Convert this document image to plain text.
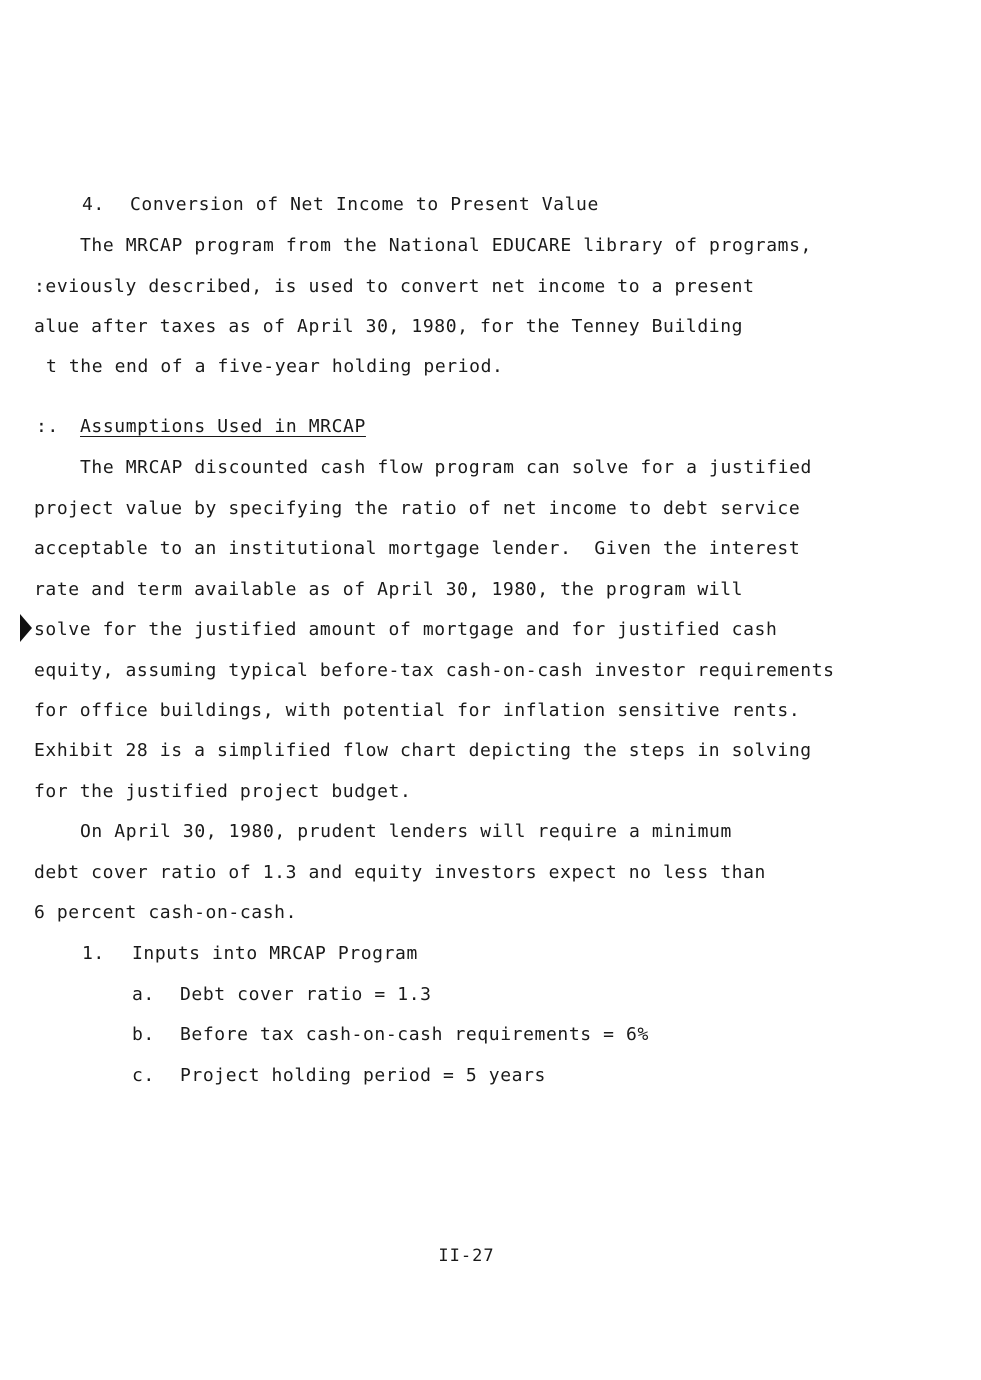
4. Conversion of Net Income to Present Value
The MRCAP program from the National EDUCARE library of programs,
:eviously described, is used to convert net income to a present
alue after taxes as of April 30, 1980, for the Tenney Building
t the end of a five-year holding period.
:. Assumptions Used in MRCAP
The MRCAP discounted cash flow program can solve for a justified
project value by specifying the ratio of net income to debt service
acceptable to an institutional mortgage lender.  Given the interest
rate and term available as of April 30, 1980, the program will
solve for the justified amount of mortgage and for justified cash
equity, assuming typical before-tax cash-on-cash investor requirements
for office buildings, with potential for inflation sensitive rents.
Exhibit 28 is a simplified flow chart depicting the steps in solving
for the justified project budget.
On April 30, 1980, prudent lenders will require a minimum
debt cover ratio of 1.3 and equity investors expect no less than
6 percent cash-on-cash.
1. Inputs into MRCAP Program
a. Debt cover ratio = 1.3
b. Before tax cash-on-cash requirements = 6%
c. Project holding period = 5 years
II-27
